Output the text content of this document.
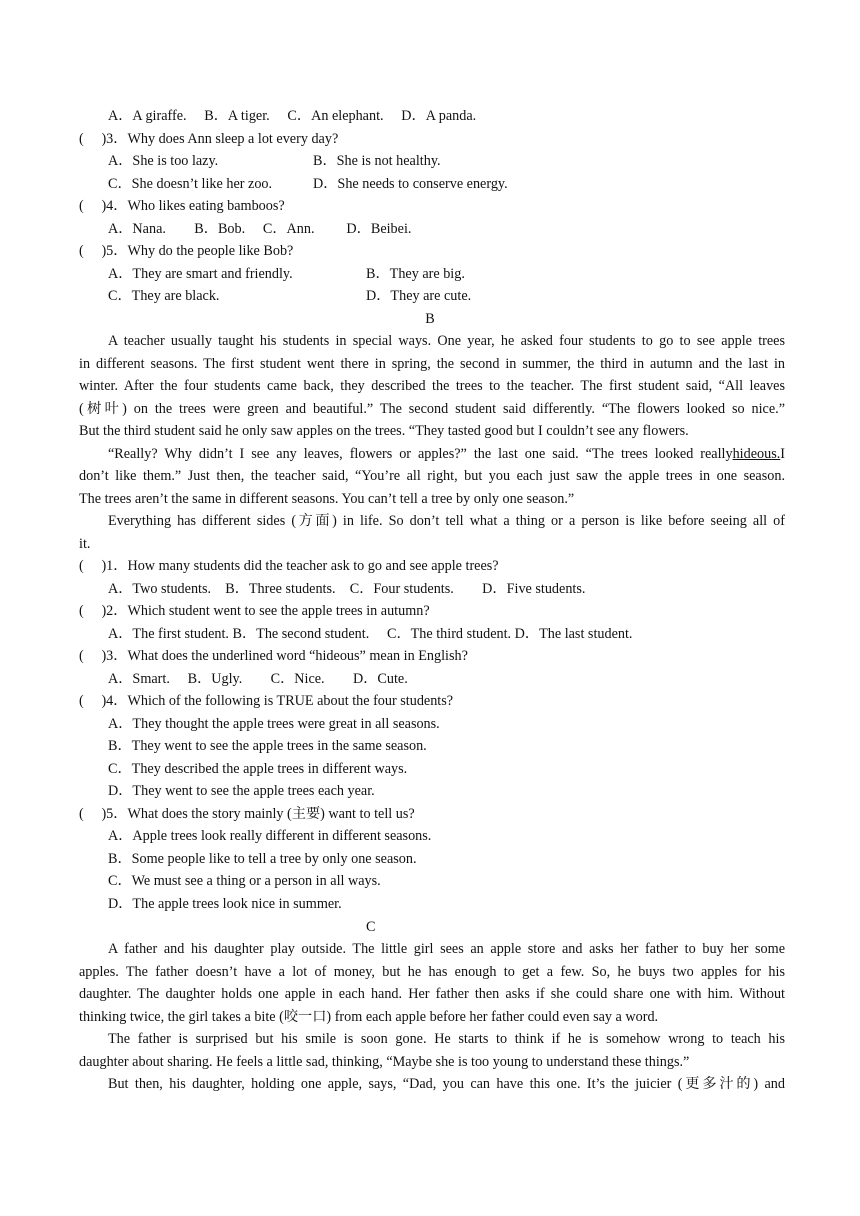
A．A giraffe.　 B．A tiger.　 C．An elephant.　 D．A panda.
(　 )3．Why does Ann sleep a lot every day?
A．She is too lazy.	B．She is not healthy.
C．She doesn’t like her zoo.	D．She needs to conserve energy.
(　 )4．Who likes eating bamboos?
A．Nana.　　B．Bob.　 C．Ann.　　 D．Beibei.
(　 )5．Why do the people like Bob?
A．They are smart and friendly.	B．They are big.
C．They are black.	D．They are cute.
B
A teacher usually taught his students in special ways. One year, he asked four students to go to see apple trees
in different seasons. The first student went there in spring, the second in summer, the third in autumn and the last in
winter. After the four students came back, they described the trees to the teacher. The first student said, “All leaves
(树叶) on the trees were green and beautiful.” The second student said differently. “The flowers looked so nice.”
But the third student said he only saw apples on the trees. “They tasted good but I couldn’t see any flowers.
“Really? Why didn’t I see any leaves, flowers or apples?” the last one said. “The trees looked really hideous. I
don’t like them.” Just then, the teacher said, “You’re all right, but you each just saw the apple trees in one season.
The trees aren’t the same in different seasons. You can’t tell a tree by only one season.”
Everything has different sides (方面) in life. So don’t tell what a thing or a person is like before seeing all of
it.
(　 )1．How many students did the teacher ask to go and see apple trees?
A．Two students.　B．Three students.　C．Four students.　　D．Five students.
(　 )2．Which student went to see the apple trees in autumn?
A．The first student. B．The second student.　 C．The third student. D．The last student.
(　 )3．What does the underlined word “hideous” mean in English?
A．Smart.　 B．Ugly.　　C．Nice.　　D．Cute.
(　 )4．Which of the following is TRUE about the four students?
A．They thought the apple trees were great in all seasons.
B．They went to see the apple trees in the same season.
C．They described the apple trees in different ways.
D．They went to see the apple trees each year.
(　 )5．What does the story mainly (主要) want to tell us?
A．Apple trees look really different in different seasons.
B．Some people like to tell a tree by only one season.
C．We must see a thing or a person in all ways.
D．The apple trees look nice in summer.
C
A father and his daughter play outside. The little girl sees an apple store and asks her father to buy her some
apples. The father doesn’t have a lot of money, but he has enough to get a few. So, he buys two apples for his
daughter. The daughter holds one apple in each hand. Her father then asks if she could share one with him. Without
thinking twice, the girl takes a bite (咬一口) from each apple before her father could even say a word.
The father is surprised but his smile is soon gone. He starts to think if he is somehow wrong to teach his
daughter about sharing. He feels a little sad, thinking, “Maybe she is too young to understand these things.”
But then, his daughter, holding one apple, says, “Dad, you can have this one. It’s the juicier (更多汁的) and
